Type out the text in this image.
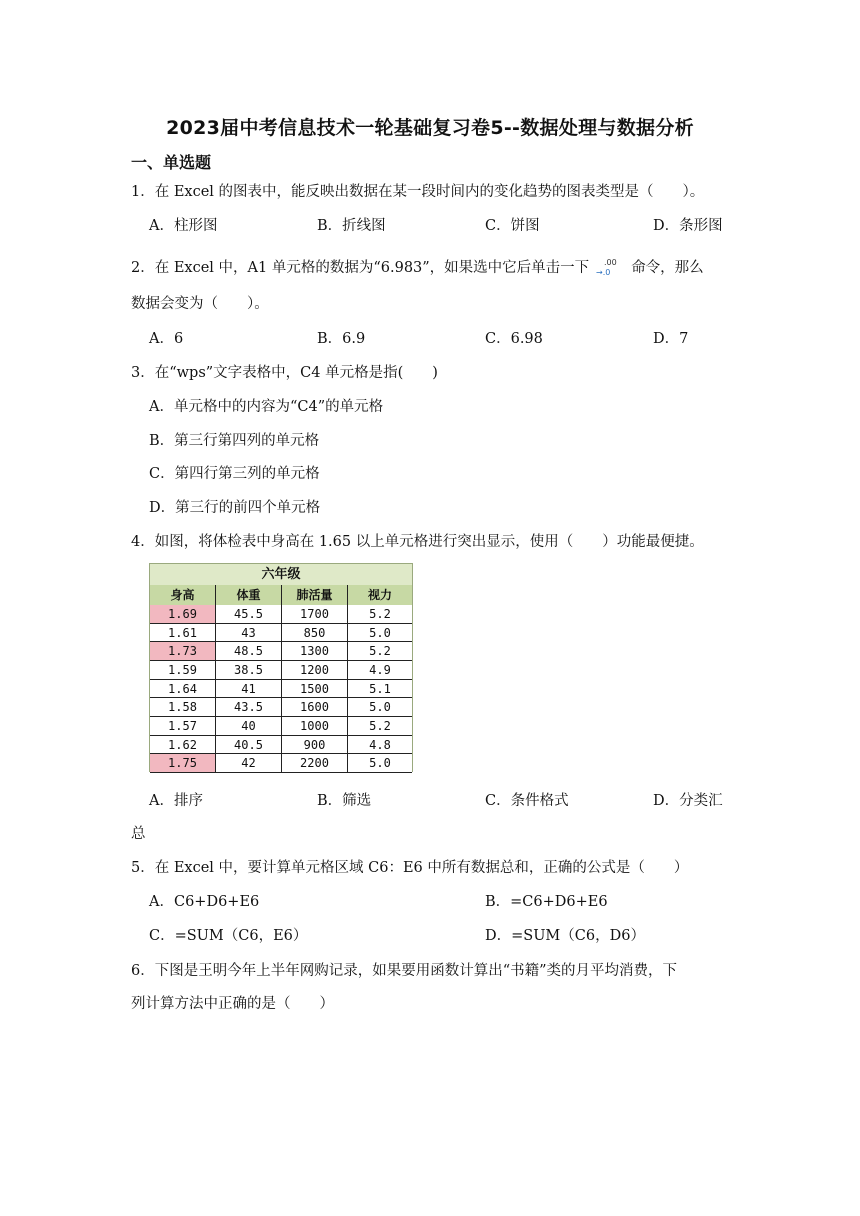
2023届中考信息技术一轮基础复习卷5--数据处理与数据分析
一、单选题
1．在 Excel 的图表中，能反映出数据在某一段时间内的变化趋势的图表类型是（　　）。
A．柱形图	B．折线图	C．饼图	D．条形图
2．在 Excel 中，A1 单元格的数据为“6.983”，如果选中它后单击一下 .00
→.0 命令，那么
数据会变为（　　）。
A．6	B．6.9	C．6.98	D．7
3．在“wps”文字表格中，C4 单元格是指(　　)
A．单元格中的内容为“C4”的单元格
B．第三行第四列的单元格
C．第四行第三列的单元格
D．第三行的前四个单元格
4．如图，将体检表中身高在 1.65 以上单元格进行突出显示，使用（　　）功能最便捷。
六年级
身高	体重	肺活量	视力
1.69	45.5	1700	5.2
1.61	43	850	5.0
1.73	48.5	1300	5.2
1.59	38.5	1200	4.9
1.64	41	1500	5.1
1.58	43.5	1600	5.0
1.57	40	1000	5.2
1.62	40.5	900	4.8
1.75	42	2200	5.0
A．排序	B．筛选	C．条件格式	D．分类汇
总
5．在 Excel 中，要计算单元格区域 C6：E6 中所有数据总和，正确的公式是（　　）
A．C6+D6+E6	B．=C6+D6+E6
C．=SUM（C6，E6）	D．=SUM（C6，D6）
6．下图是王明今年上半年网购记录，如果要用函数计算出“书籍”类的月平均消费，下
列计算方法中正确的是（　　）
